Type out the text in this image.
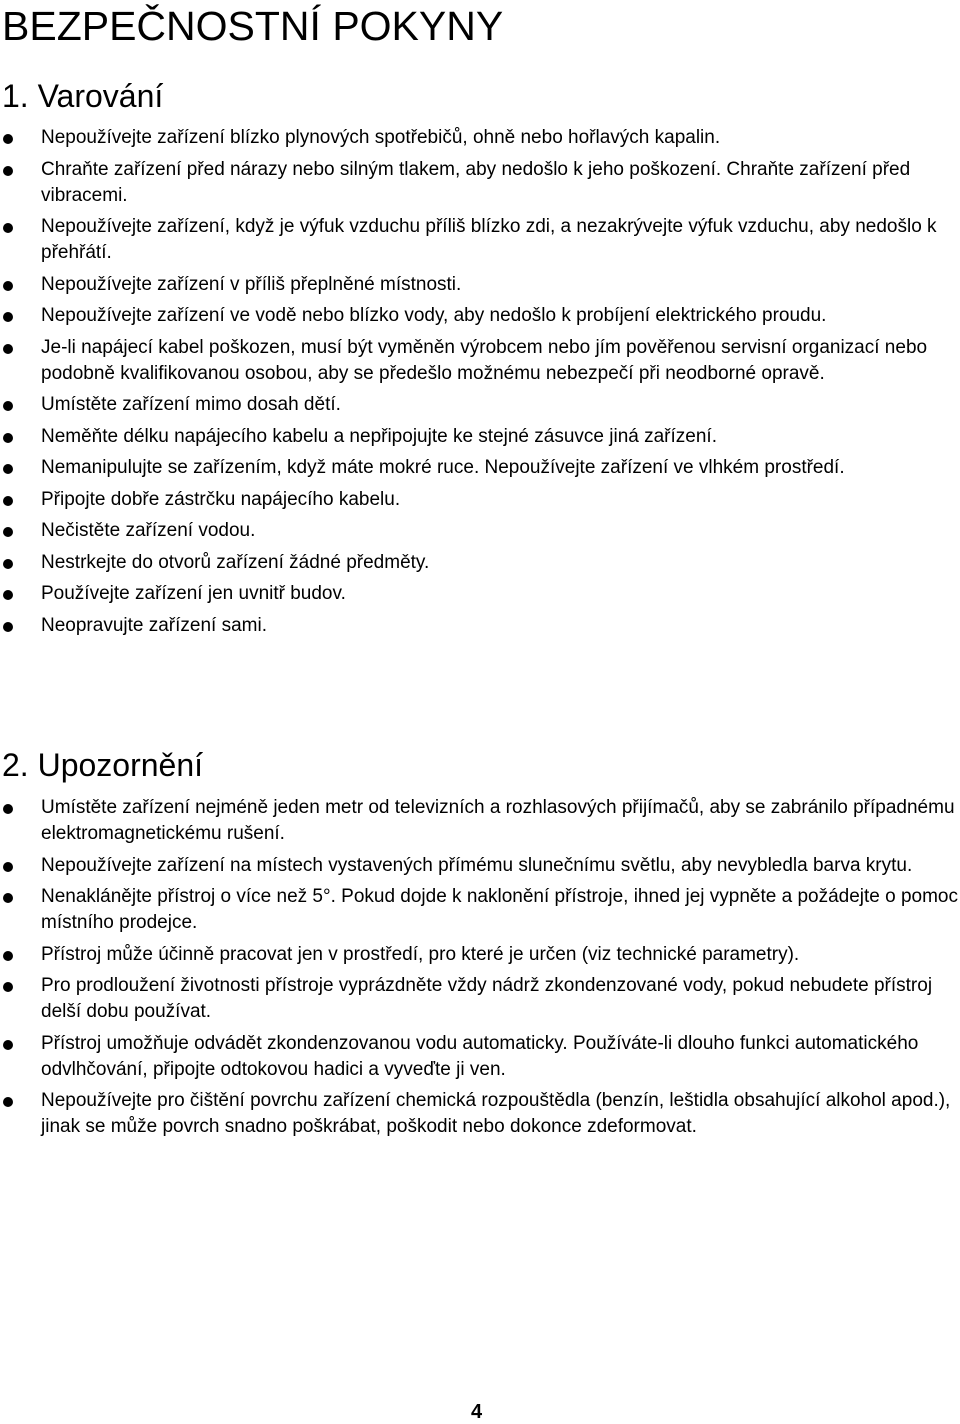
BEZPEČNOSTNÍ POKYNY
1. Varování
Nepoužívejte zařízení blízko plynových spotřebičů, ohně nebo hořlavých kapalin.
Chraňte zařízení před nárazy nebo silným tlakem, aby nedošlo k jeho poškození. Chraňte zařízení před vibracemi.
Nepoužívejte zařízení, když je výfuk vzduchu příliš blízko zdi, a nezakrývejte výfuk vzduchu, aby nedošlo k přehřátí.
Nepoužívejte zařízení v příliš přeplněné místnosti.
Nepoužívejte zařízení ve vodě nebo blízko vody, aby nedošlo k probíjení elektrického proudu.
Je-li napájecí kabel poškozen, musí být vyměněn výrobcem nebo jím pověřenou servisní organizací nebo podobně kvalifikovanou osobou, aby se předešlo možnému nebezpečí při neodborné opravě.
Umístěte zařízení mimo dosah dětí.
Neměňte délku napájecího kabelu a nepřipojujte ke stejné zásuvce jiná zařízení.
Nemanipulujte se zařízením, když máte mokré ruce. Nepoužívejte zařízení ve vlhkém prostředí.
Připojte dobře zástrčku napájecího kabelu.
Nečistěte zařízení vodou.
Nestrkejte do otvorů zařízení žádné předměty.
Používejte zařízení jen uvnitř budov.
Neopravujte zařízení sami.
2. Upozornění
Umístěte zařízení nejméně jeden metr od televizních a rozhlasových přijímačů, aby se zabránilo případnému elektromagnetickému rušení.
Nepoužívejte zařízení na místech vystavených přímému slunečnímu světlu, aby nevybledla barva krytu.
Nenaklánějte přístroj o více než 5°. Pokud dojde k naklonění přístroje, ihned jej vypněte a požádejte o pomoc místního prodejce.
Přístroj může účinně pracovat jen v prostředí, pro které je určen (viz technické parametry).
Pro prodloužení životnosti přístroje vyprázdněte vždy nádrž zkondenzované vody, pokud nebudete přístroj delší dobu používat.
Přístroj umožňuje odvádět zkondenzovanou vodu automaticky. Používáte-li dlouho funkci automatického odvlhčování, připojte odtokovou hadici a vyveďte ji ven.
Nepoužívejte pro čištění povrchu zařízení chemická rozpouštědla (benzín, leštidla obsahující alkohol apod.), jinak se může povrch snadno poškrábat, poškodit nebo dokonce zdeformovat.
4
